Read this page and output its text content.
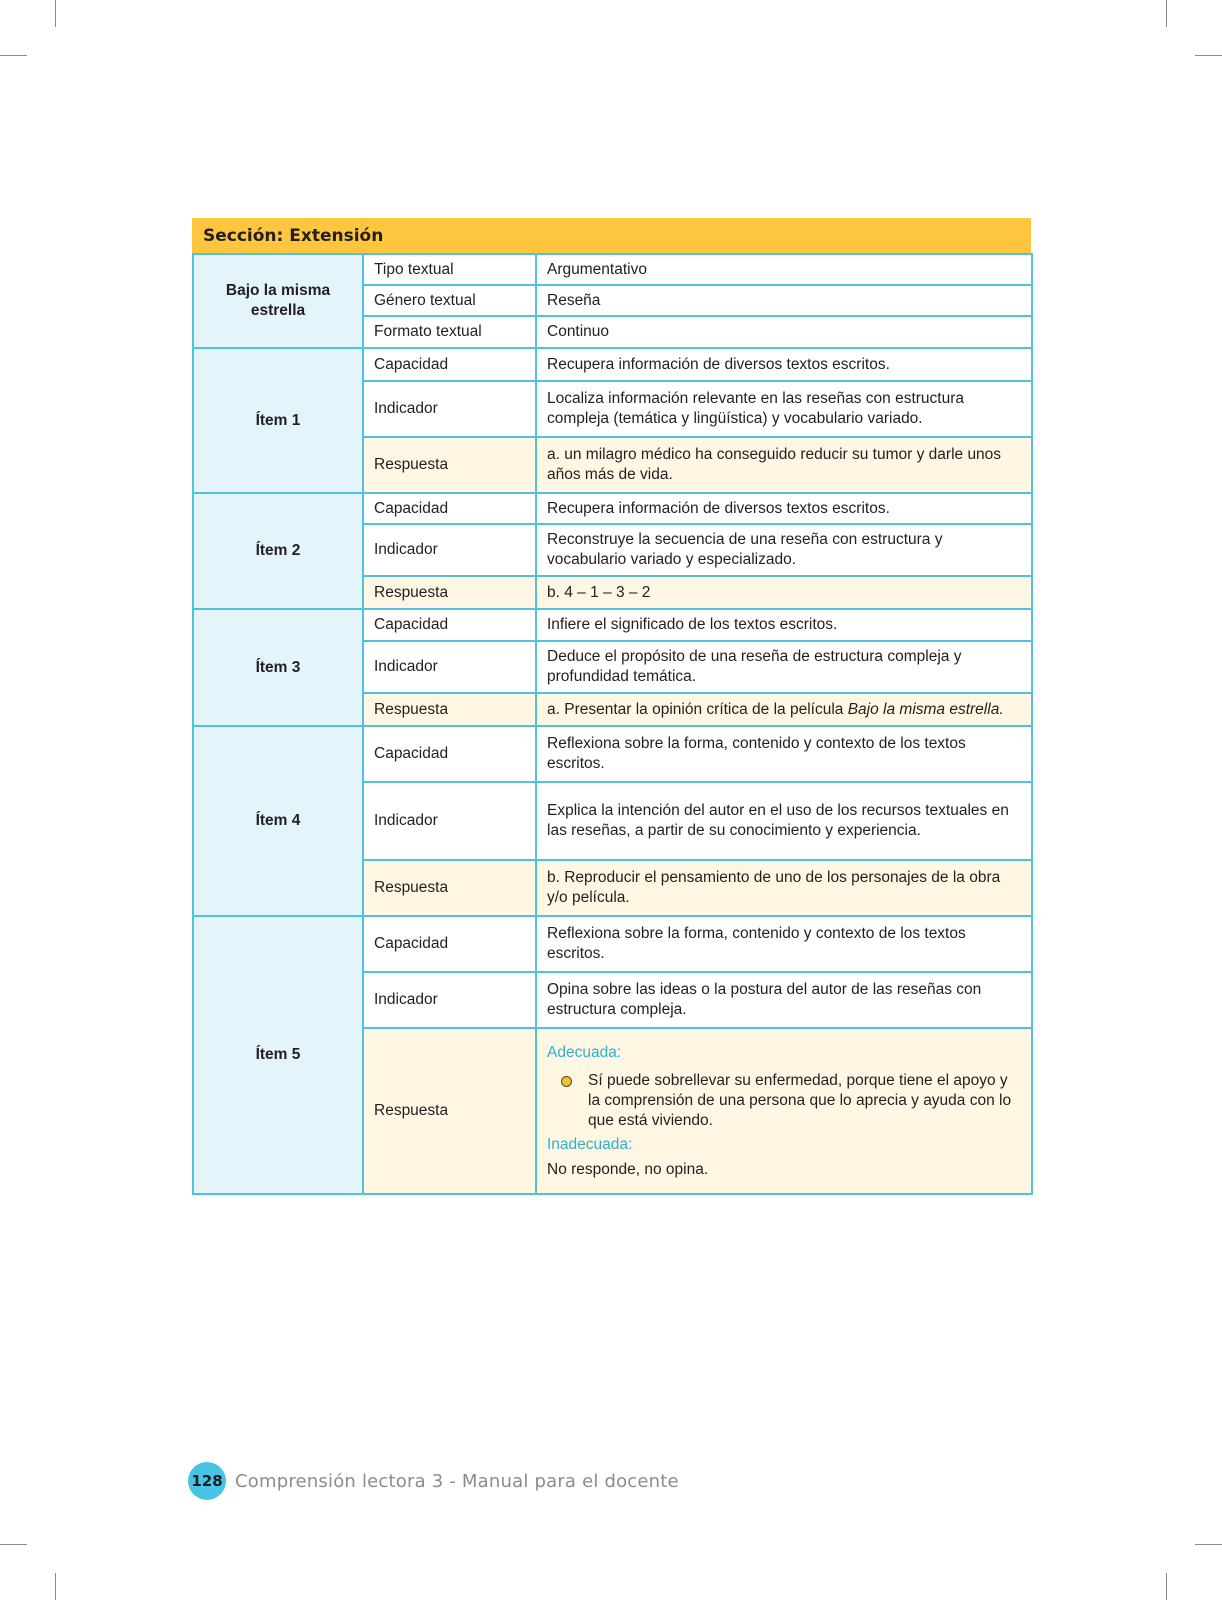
Sección: Extensión
Bajo la misma estrella	Tipo textual	Argumentativo
	Género textual	Reseña
	Formato textual	Continuo
Ítem 1	Capacidad	Recupera información de diversos textos escritos.
	Indicador	Localiza información relevante en las reseñas con estructura compleja (temática y lingüística) y vocabulario variado.
	Respuesta	a. un milagro médico ha conseguido reducir su tumor y darle unos años más de vida.
Ítem 2	Capacidad	Recupera información de diversos textos escritos.
	Indicador	Reconstruye la secuencia de una reseña con estructura y vocabulario variado y especializado.
	Respuesta	b. 4 – 1 – 3 – 2
Ítem 3	Capacidad	Infiere el significado de los textos escritos.
	Indicador	Deduce el propósito de una reseña de estructura compleja y profundidad temática.
	Respuesta	a. Presentar la opinión crítica de la película Bajo la misma estrella.
Ítem 4	Capacidad	Reflexiona sobre la forma, contenido y contexto de los textos escritos.
	Indicador	Explica la intención del autor en el uso de los recursos textuales en las reseñas, a partir de su conocimiento y experiencia.
	Respuesta	b. Reproducir el pensamiento de uno de los personajes de la obra y/o película.
Ítem 5	Capacidad	Reflexiona sobre la forma, contenido y contexto de los textos escritos.
	Indicador	Opina sobre las ideas o la postura del autor de las reseñas con estructura compleja.
	Respuesta	Adecuada:

Sí puede sobrellevar su enfermedad, porque tiene el apoyo y la comprensión de una persona que lo aprecia y ayuda con lo que está viviendo.

Inadecuada:

No responde, no opina.

128 Comprensión lectora 3 - Manual para el docente
